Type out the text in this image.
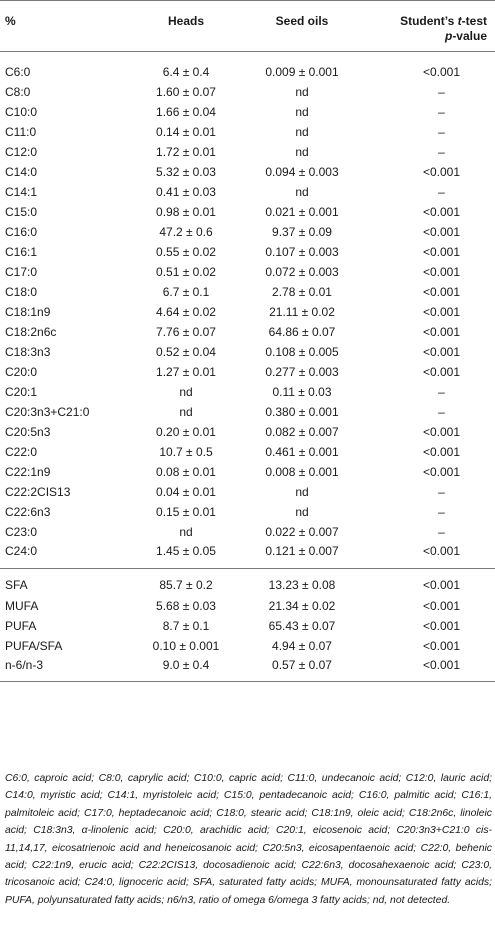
%	Heads	Seed oils	Student’s t-test
p-value

C6:0	6.4 ± 0.4	0.009 ± 0.001	<0.001
C8:0	1.60 ± 0.07	nd	–
C10:0	1.66 ± 0.04	nd	–
C11:0	0.14 ± 0.01	nd	–
C12:0	1.72 ± 0.01	nd	–
C14:0	5.32 ± 0.03	0.094 ± 0.003	<0.001
C14:1	0.41 ± 0.03	nd	–
C15:0	0.98 ± 0.01	0.021 ± 0.001	<0.001
C16:0	47.2 ± 0.6	9.37 ± 0.09	<0.001
C16:1	0.55 ± 0.02	0.107 ± 0.003	<0.001
C17:0	0.51 ± 0.02	0.072 ± 0.003	<0.001
C18:0	6.7 ± 0.1	2.78 ± 0.01	<0.001
C18:1n9	4.64 ± 0.02	21.11 ± 0.02	<0.001
C18:2n6c	7.76 ± 0.07	64.86 ± 0.07	<0.001
C18:3n3	0.52 ± 0.04	0.108 ± 0.005	<0.001
C20:0	1.27 ± 0.01	0.277 ± 0.003	<0.001
C20:1	nd	0.11 ± 0.03	–
C20:3n3+C21:0	nd	0.380 ± 0.001	–
C20:5n3	0.20 ± 0.01	0.082 ± 0.007	<0.001
C22:0	10.7 ± 0.5	0.461 ± 0.001	<0.001
C22:1n9	0.08 ± 0.01	0.008 ± 0.001	<0.001
C22:2CIS13	0.04 ± 0.01	nd	–
C22:6n3	0.15 ± 0.01	nd	–
C23:0	nd	0.022 ± 0.007	–
C24:0	1.45 ± 0.05	0.121 ± 0.007	<0.001
SFA	85.7 ± 0.2	13.23 ± 0.08	<0.001
MUFA	5.68 ± 0.03	21.34 ± 0.02	<0.001
PUFA	8.7 ± 0.1	65.43 ± 0.07	<0.001
PUFA/SFA	0.10 ± 0.001	4.94 ± 0.07	<0.001
n-6/n-3	9.0 ± 0.4	0.57 ± 0.07	<0.001
C6:0, caproic acid; C8:0, caprylic acid; C10:0, capric acid; C11:0, undecanoic acid; C12:0, lauric acid; C14:0, myristic acid; C14:1, myristoleic acid; C15:0, pentadecanoic acid; C16:0, palmitic acid; C16:1, palmitoleic acid; C17:0, heptadecanoic acid; C18:0, stearic acid; C18:1n9, oleic acid; C18:2n6c, linoleic acid; C18:3n3, α-linolenic acid; C20:0, arachidic acid; C20:1, eicosenoic acid; C20:3n3+C21:0 cis-11,14,17, eicosatrienoic acid and heneicosanoic acid; C20:5n3, eicosapentaenoic acid; C22:0, behenic acid; C22:1n9, erucic acid; C22:2CIS13, docosadienoic acid; C22:6n3, docosahexaenoic acid; C23:0, tricosanoic acid; C24:0, lignoceric acid; SFA, saturated fatty acids; MUFA, monounsaturated fatty acids; PUFA, polyunsaturated fatty acids; n6/n3, ratio of omega 6/omega 3 fatty acids; nd, not detected.
